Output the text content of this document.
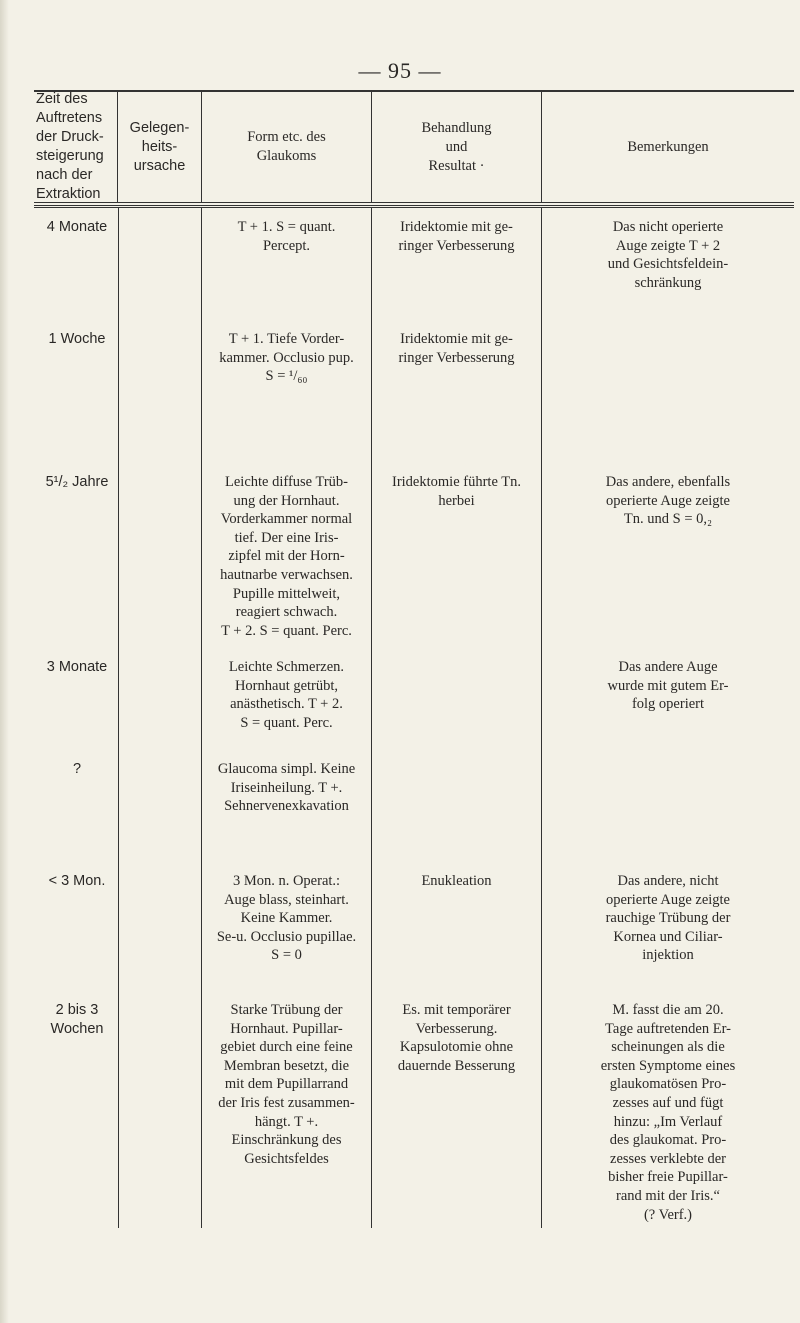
— 95 —
Zeit des
Auftretens
der Druck-
steigerung
nach der
Extraktion
Gelegen-
heits-
ursache
Form etc. des
Glaukoms
Behandlung
und
Resultat ·
Bemerkungen
4 Monate
1 Woche
5¹/₂ Jahre
3 Monate
?
< 3 Mon.
2 bis 3
Wochen
T + 1. S = quant.
Percept.
T + 1. Tiefe Vorder-
kammer. Occlusio pup.
S = ¹/₆₀
Leichte diffuse Trüb-
ung der Hornhaut.
Vorderkammer normal
tief. Der eine Iris-
zipfel mit der Horn-
hautnarbe verwachsen.
Pupille mittelweit,
reagiert schwach.
T + 2. S = quant. Perc.
Leichte Schmerzen.
Hornhaut getrübt,
anästhetisch. T + 2.
S = quant. Perc.
Glaucoma simpl. Keine
Iriseinheilung. T +.
Sehnervenexkavation
3 Mon. n. Operat.:
Auge blass, steinhart.
Keine Kammer.
Se-u. Occlusio pupillae.
S = 0
Starke Trübung der
Hornhaut. Pupillar-
gebiet durch eine feine
Membran besetzt, die
mit dem Pupillarrand
der Iris fest zusammen-
hängt. T +.
Einschränkung des
Gesichtsfeldes
Iridektomie mit ge-
ringer Verbesserung
Iridektomie mit ge-
ringer Verbesserung
Iridektomie führte Tn.
herbei
Enukleation
Es. mit temporärer
Verbesserung.
Kapsulotomie ohne
dauernde Besserung
Das nicht operierte
Auge zeigte T + 2
und Gesichtsfeldein-
schränkung
Das andere, ebenfalls
operierte Auge zeigte
Tn. und S = 0,₂
Das andere Auge
wurde mit gutem Er-
folg operiert
Das andere, nicht
operierte Auge zeigte
rauchige Trübung der
Kornea und Ciliar-
injektion
M. fasst die am 20.
Tage auftretenden Er-
scheinungen als die
ersten Symptome eines
glaukomatösen Pro-
zesses auf und fügt
hinzu: „Im Verlauf
des glaukomat. Pro-
zesses verklebte der
bisher freie Pupillar-
rand mit der Iris.“
(? Verf.)
